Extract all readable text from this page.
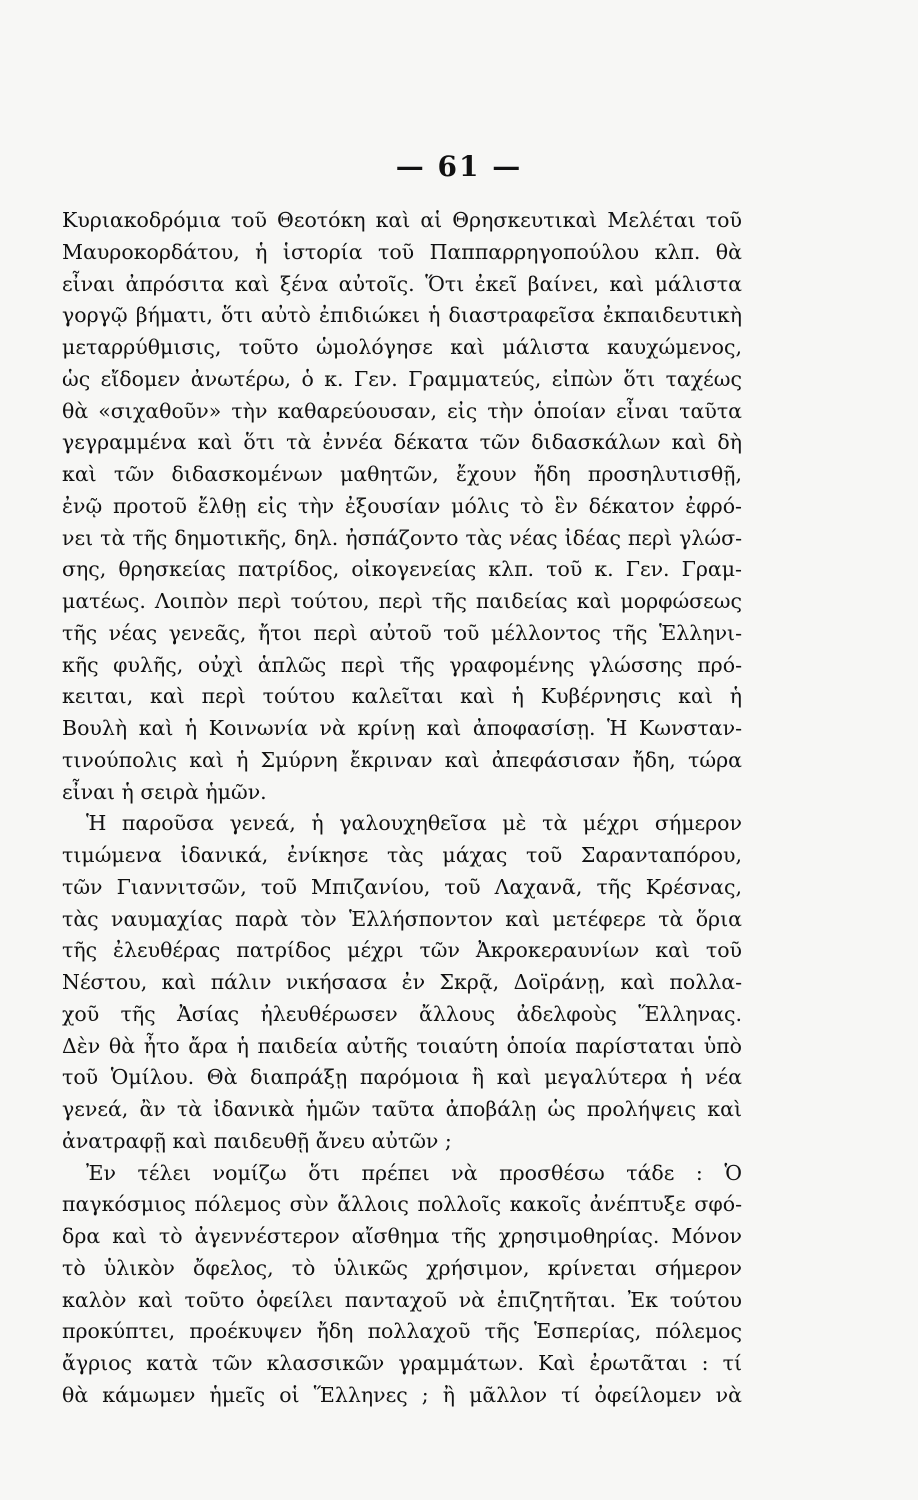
— 61 —
Κυριακοδρόμια τοῦ Θεοτόκη καὶ αἱ Θρησκευτικαὶ Μελέται τοῦ
Μαυροκορδάτου, ἡ ἱστορία τοῦ Παππαρρηγοπούλου κλπ. θὰ
εἶναι ἀπρόσιτα καὶ ξένα αὐτοῖς. Ὅτι ἐκεῖ βαίνει, καὶ μάλιστα
γοργῷ βήματι, ὅτι αὐτὸ ἐπιδιώκει ἡ διαστραφεῖσα ἐκπαιδευτικὴ
μεταρρύθμισις, τοῦτο ὡμολόγησε καὶ μάλιστα καυχώμενος,
ὡς εἴδομεν ἀνωτέρω, ὁ κ. Γεν. Γραμματεύς, εἰπὼν ὅτι ταχέως
θὰ «σιχαθοῦν» τὴν καθαρεύουσαν, εἰς τὴν ὁποίαν εἶναι ταῦτα
γεγραμμένα καὶ ὅτι τὰ ἐννέα δέκατα τῶν διδασκάλων καὶ δὴ
καὶ τῶν διδασκομένων μαθητῶν, ἔχουν ἤδη προσηλυτισθῇ,
ἐνῷ προτοῦ ἔλθῃ εἰς τὴν ἐξουσίαν μόλις τὸ ἓν δέκατον ἐφρό-
νει τὰ τῆς δημοτικῆς, δηλ. ἠσπάζοντο τὰς νέας ἰδέας περὶ γλώσ-
σης, θρησκείας πατρίδος, οἰκογενείας κλπ. τοῦ κ. Γεν. Γραμ-
ματέως. Λοιπὸν περὶ τούτου, περὶ τῆς παιδείας καὶ μορφώσεως
τῆς νέας γενεᾶς, ἤτοι περὶ αὐτοῦ τοῦ μέλλοντος τῆς Ἑλληνι-
κῆς φυλῆς, οὐχὶ ἁπλῶς περὶ τῆς γραφομένης γλώσσης πρό-
κειται, καὶ περὶ τούτου καλεῖται καὶ ἡ Κυβέρνησις καὶ ἡ
Βουλὴ καὶ ἡ Κοινωνία νὰ κρίνῃ καὶ ἀποφασίσῃ. Ἡ Κωνσταν-
τινούπολις καὶ ἡ Σμύρνη ἔκριναν καὶ ἀπεφάσισαν ἤδη, τώρα
εἶναι ἡ σειρὰ ἡμῶν.
Ἡ παροῦσα γενεά, ἡ γαλουχηθεῖσα μὲ τὰ μέχρι σήμερον
τιμώμενα ἰδανικά, ἐνίκησε τὰς μάχας τοῦ Σαρανταπόρου,
τῶν Γιαννιτσῶν, τοῦ Μπιζανίου, τοῦ Λαχανᾶ, τῆς Κρέσνας,
τὰς ναυμαχίας παρὰ τὸν Ἑλλήσποντον καὶ μετέφερε τὰ ὅρια
τῆς ἐλευθέρας πατρίδος μέχρι τῶν Ἀκροκεραυνίων καὶ τοῦ
Νέστου, καὶ πάλιν νικήσασα ἐν Σκρᾷ, Δοϊράνῃ, καὶ πολλα-
χοῦ τῆς Ἀσίας ἠλευθέρωσεν ἄλλους ἀδελφοὺς Ἕλληνας.
Δὲν θὰ ἦτο ἄρα ἡ παιδεία αὐτῆς τοιαύτη ὁποία παρίσταται ὑπὸ
τοῦ Ὁμίλου. Θὰ διαπράξῃ παρόμοια ἢ καὶ μεγαλύτερα ἡ νέα
γενεά, ἂν τὰ ἰδανικὰ ἡμῶν ταῦτα ἀποβάλῃ ὡς προλήψεις καὶ
ἀνατραφῇ καὶ παιδευθῇ ἄνευ αὐτῶν ;
Ἐν τέλει νομίζω ὅτι πρέπει νὰ προσθέσω τάδε : Ὁ
παγκόσμιος πόλεμος σὺν ἄλλοις πολλοῖς κακοῖς ἀνέπτυξε σφό-
δρα καὶ τὸ ἀγεννέστερον αἴσθημα τῆς χρησιμοθηρίας. Μόνον
τὸ ὑλικὸν ὄφελος, τὸ ὑλικῶς χρήσιμον, κρίνεται σήμερον
καλὸν καὶ τοῦτο ὀφείλει πανταχοῦ νὰ ἐπιζητῆται. Ἐκ τούτου
προκύπτει, προέκυψεν ἤδη πολλαχοῦ τῆς Ἑσπερίας, πόλεμος
ἄγριος κατὰ τῶν κλασσικῶν γραμμάτων. Καὶ ἐρωτᾶται : τί
θὰ κάμωμεν ἡμεῖς οἱ Ἕλληνες ; ἢ μᾶλλον τί ὀφείλομεν νὰ
